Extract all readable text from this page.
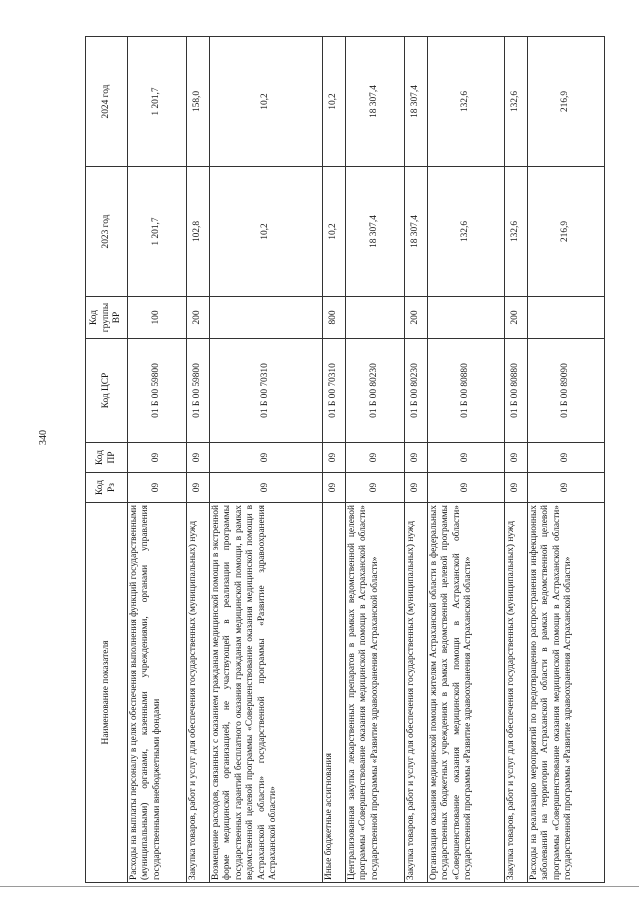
340
Наименование показателя	Код Рз	Код ПР	Код ЦСР	Код группы ВР	2023 год	2024 год
Расходы на выплаты персоналу в целях обеспечения выполнения функций государственными (муниципальными) органами, казенными учреждениями, органами управления государственными внебюджетными фондами	09	09	01 Б 00 59800	100	1 201,7	1 201,7
Закупка товаров, работ и услуг для обеспечения государственных (муниципальных) нужд	09	09	01 Б 00 59800	200	102,8	158,0
Возмещение расходов, связанных с оказанием гражданам медицинской помощи в экстренной форме медицинской организацией, не участвующей в реализации программы государственных гарантий бесплатного оказания гражданам медицинской помощи, в рамках ведомственной целевой программы «Совершенствование оказания медицинской помощи в Астраханской области» государственной программы «Развитие здравоохранения Астраханской области»	09	09	01 Б 00 70310		10,2	10,2
Иные бюджетные ассигнования	09	09	01 Б 00 70310	800	10,2	10,2
Централизованная закупка лекарственных препаратов в рамках ведомственной целевой программы «Совершенствование оказания медицинской помощи в Астраханской области» государственной программы «Развитие здравоохранения Астраханской области»	09	09	01 Б 00 80230		18 307,4	18 307,4
Закупка товаров, работ и услуг для обеспечения государственных (муниципальных) нужд	09	09	01 Б 00 80230	200	18 307,4	18 307,4
Организация оказания медицинской помощи жителям Астраханской области в федеральных государственных бюджетных учреждениях в рамках ведомственной целевой программы «Совершенствование оказания медицинской помощи в Астраханской области» государственной программы «Развитие здравоохранения Астраханской области»	09	09	01 Б 00 80880		132,6	132,6
Закупка товаров, работ и услуг для обеспечения государственных (муниципальных) нужд	09	09	01 Б 00 80880	200	132,6	132,6
Расходы на реализацию мероприятий по предотвращению распространения инфекционных заболеваний на территории Астраханской области в рамках ведомственной целевой программы «Совершенствование оказания медицинской помощи в Астраханской области» государственной программы «Развитие здравоохранения Астраханской области»	09	09	01 Б 00 89090		216,9	216,9
